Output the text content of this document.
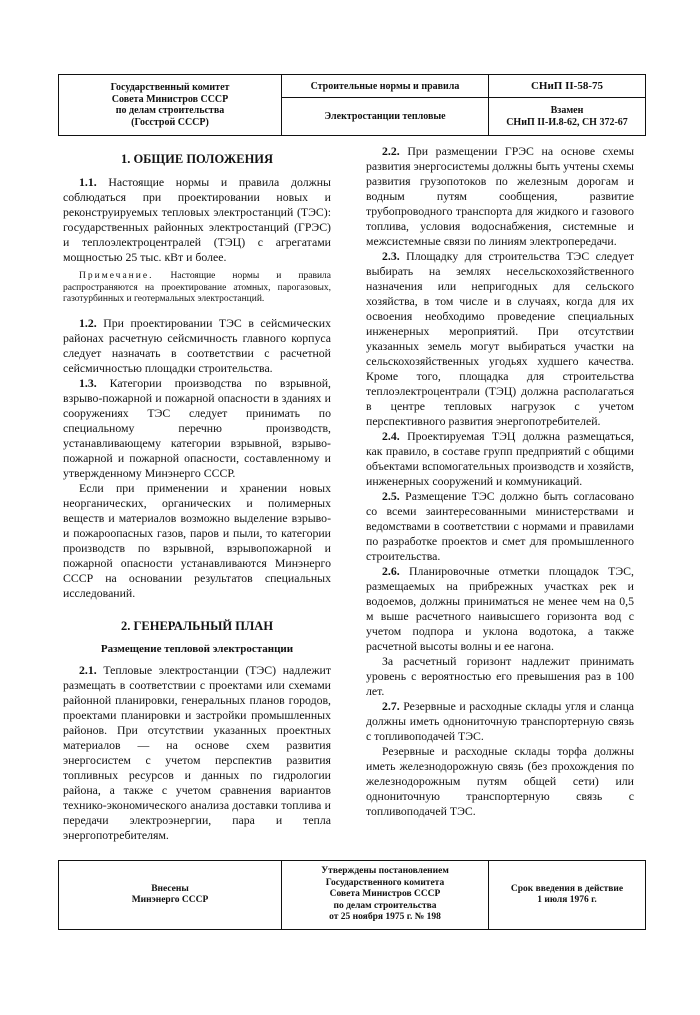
Государственный комитет
Совета Министров СССР
по делам строительства
(Госстрой СССР)
Строительные нормы и правила
Электростанции тепловые
СНиП II-58-75
Взамен
СНиП II-И.8-62, СН 372-67

1. ОБЩИЕ ПОЛОЖЕНИЯ

1.1. Настоящие нормы и правила должны соблюдаться при проектировании новых и реконструируемых тепловых электростанций (ТЭС): государственных районных электростанций (ГРЭС) и теплоэлектроцентралей (ТЭЦ) с агрегатами мощностью 25 тыс. кВт и более.

Примечание. Настоящие нормы и правила распространяются на проектирование атомных, парогазовых, газотурбинных и геотермальных электростанций.

1.2. При проектировании ТЭС в сейсмических районах расчетную сейсмичность главного корпуса следует назначать в соответствии с расчетной сейсмичностью площадки строительства.

1.3. Категории производства по взрывной, взрыво-пожарной и пожарной опасности в зданиях и сооружениях ТЭС следует принимать по специальному перечню производств, устанавливающему категории взрывной, взрыво-пожарной и пожарной опасности, составленному и утвержденному Минэнерго СССР.

Если при применении и хранении новых неорганических, органических и полимерных веществ и материалов возможно выделение взрыво- и пожароопасных газов, паров и пыли, то категории производств по взрывной, взрывопожарной и пожарной опасности устанавливаются Минэнерго СССР на основании результатов специальных исследований.

2. ГЕНЕРАЛЬНЫЙ ПЛАН

Размещение тепловой электростанции

2.1. Тепловые электростанции (ТЭС) надлежит размещать в соответствии с проектами или схемами районной планировки, генеральных планов городов, проектами планировки и застройки промышленных районов. При отсутствии указанных проектных материалов — на основе схем развития энергосистем с учетом перспектив развития топливных ресурсов и данных по гидрологии района, а также с учетом сравнения вариантов технико-экономического анализа доставки топлива и передачи электроэнергии, пара и тепла энергопотребителям.

2.2. При размещении ГРЭС на основе схемы развития энергосистемы должны быть учтены схемы развития грузопотоков по железным дорогам и водным путям сообщения, развитие трубопроводного транспорта для жидкого и газового топлива, условия водоснабжения, системные и межсистемные связи по линиям электропередачи.

2.3. Площадку для строительства ТЭС следует выбирать на землях несельскохозяйственного назначения или непригодных для сельского хозяйства, в том числе и в случаях, когда для их освоения необходимо проведение специальных инженерных мероприятий. При отсутствии указанных земель могут выбираться участки на сельскохозяйственных угодьях худшего качества. Кроме того, площадка для строительства теплоэлектроцентрали (ТЭЦ) должна располагаться в центре тепловых нагрузок с учетом перспективного развития энергопотребителей.

2.4. Проектируемая ТЭЦ должна размещаться, как правило, в составе групп предприятий с общими объектами вспомогательных производств и хозяйств, инженерных сооружений и коммуникаций.

2.5. Размещение ТЭС должно быть согласовано со всеми заинтересованными министерствами и ведомствами в соответствии с нормами и правилами по разработке проектов и смет для промышленного строительства.

2.6. Планировочные отметки площадок ТЭС, размещаемых на прибрежных участках рек и водоемов, должны приниматься не менее чем на 0,5 м выше расчетного наивысшего горизонта вод с учетом подпора и уклона водотока, а также расчетной высоты волны и ее нагона.

За расчетный горизонт надлежит принимать уровень с вероятностью его превышения раз в 100 лет.

2.7. Резервные и расходные склады угля и сланца должны иметь однониточную транспортерную связь с топливоподачей ТЭС.

Резервные и расходные склады торфа должны иметь железнодорожную связь (без прохождения по железнодорожным путям общей сети) или однониточную транспортерную связь с топливоподачей ТЭС.

Внесены
Минэнерго СССР
Утверждены постановлением
Государственного комитета
Совета Министров СССР
по делам строительства
от 25 ноября 1975 г. № 198
Срок введения в действие
1 июля 1976 г.
